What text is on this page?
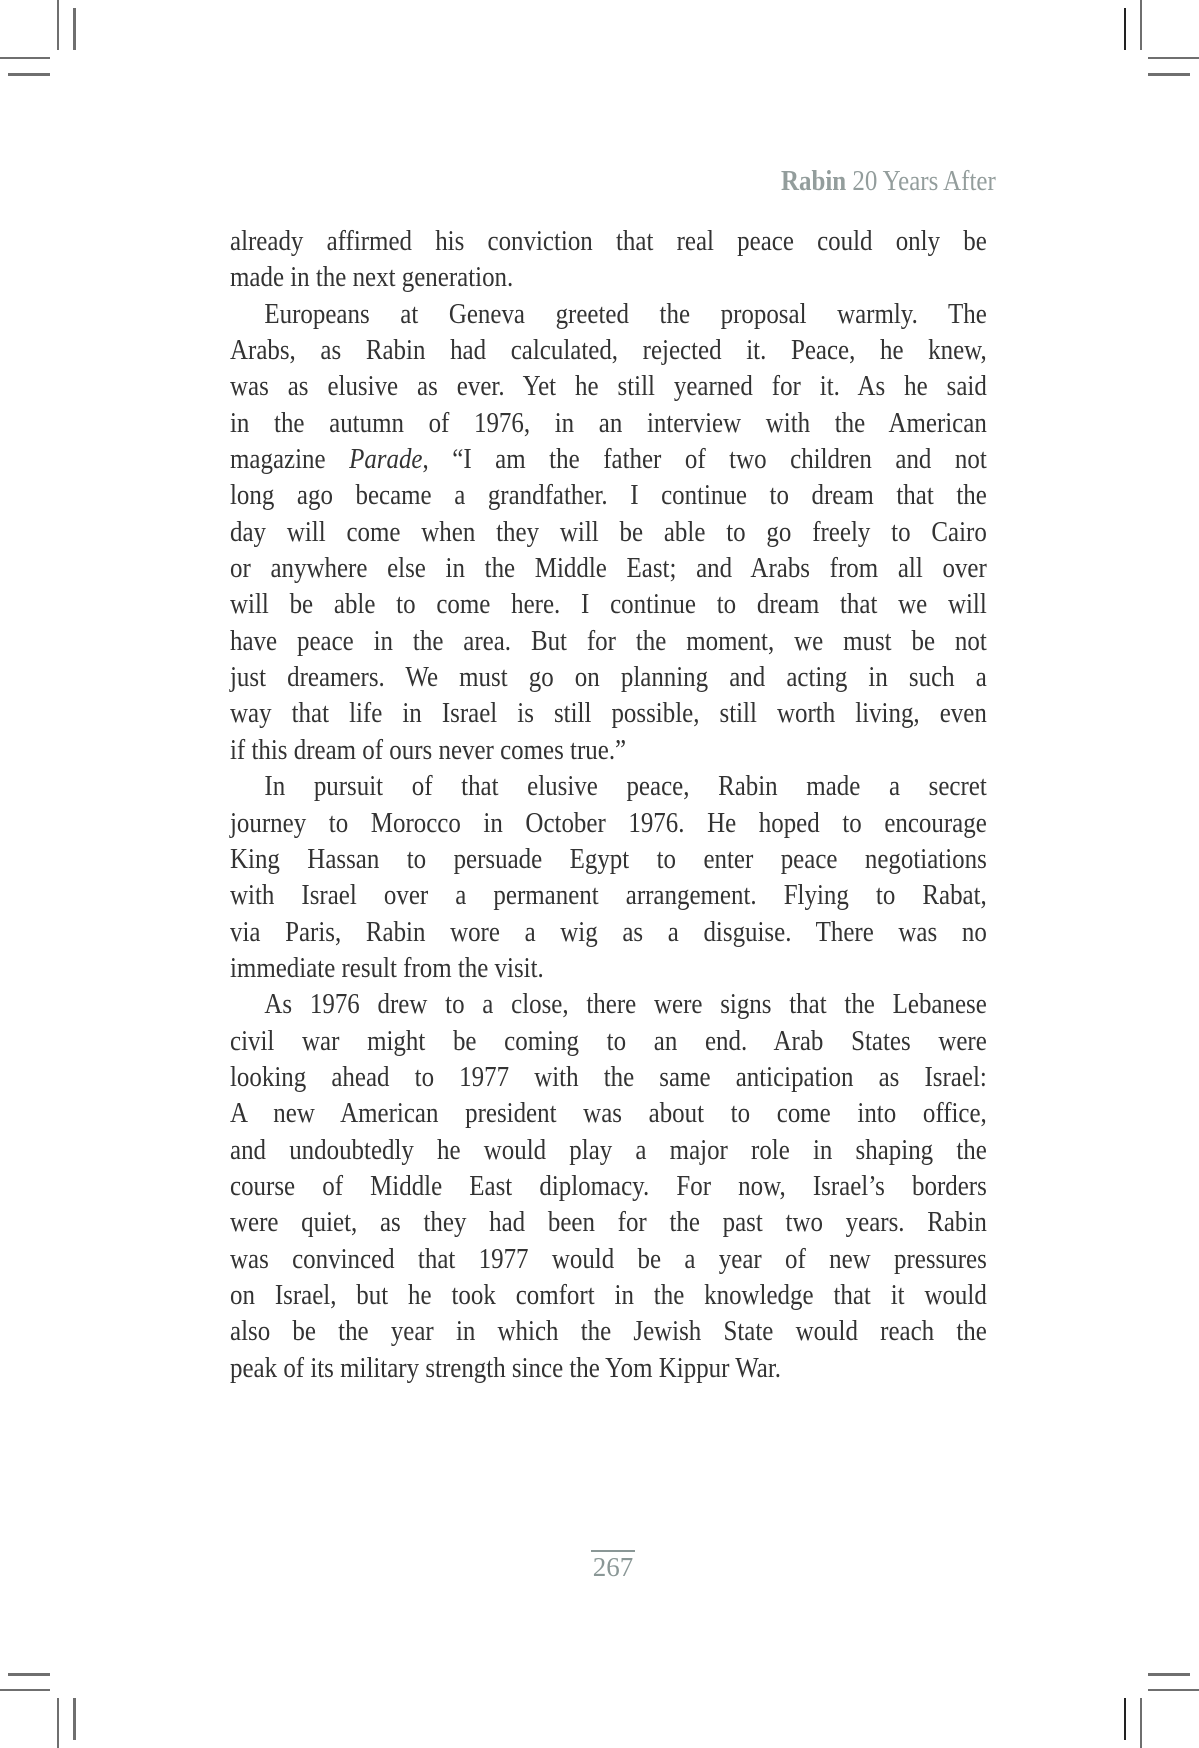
Rabin 20 Years After
already affirmed his conviction that real peace could only be
made in the next generation.
Europeans at Geneva greeted the proposal warmly. The
Arabs, as Rabin had calculated, rejected it. Peace, he knew,
was as elusive as ever. Yet he still yearned for it. As he said
in the autumn of 1976, in an interview with the American
magazine Parade, “I am the father of two children and not
long ago became a grandfather. I continue to dream that the
day will come when they will be able to go freely to Cairo
or anywhere else in the Middle East; and Arabs from all over
will be able to come here. I continue to dream that we will
have peace in the area. But for the moment, we must be not
just dreamers. We must go on planning and acting in such a
way that life in Israel is still possible, still worth living, even
if this dream of ours never comes true.”
In pursuit of that elusive peace, Rabin made a secret
journey to Morocco in October 1976. He hoped to encourage
King Hassan to persuade Egypt to enter peace negotiations
with Israel over a permanent arrangement. Flying to Rabat,
via Paris, Rabin wore a wig as a disguise. There was no
immediate result from the visit.
As 1976 drew to a close, there were signs that the Lebanese
civil war might be coming to an end. Arab States were
looking ahead to 1977 with the same anticipation as Israel:
A new American president was about to come into office,
and undoubtedly he would play a major role in shaping the
course of Middle East diplomacy. For now, Israel’s borders
were quiet, as they had been for the past two years. Rabin
was convinced that 1977 would be a year of new pressures
on Israel, but he took comfort in the knowledge that it would
also be the year in which the Jewish State would reach the
peak of its military strength since the Yom Kippur War.
267
